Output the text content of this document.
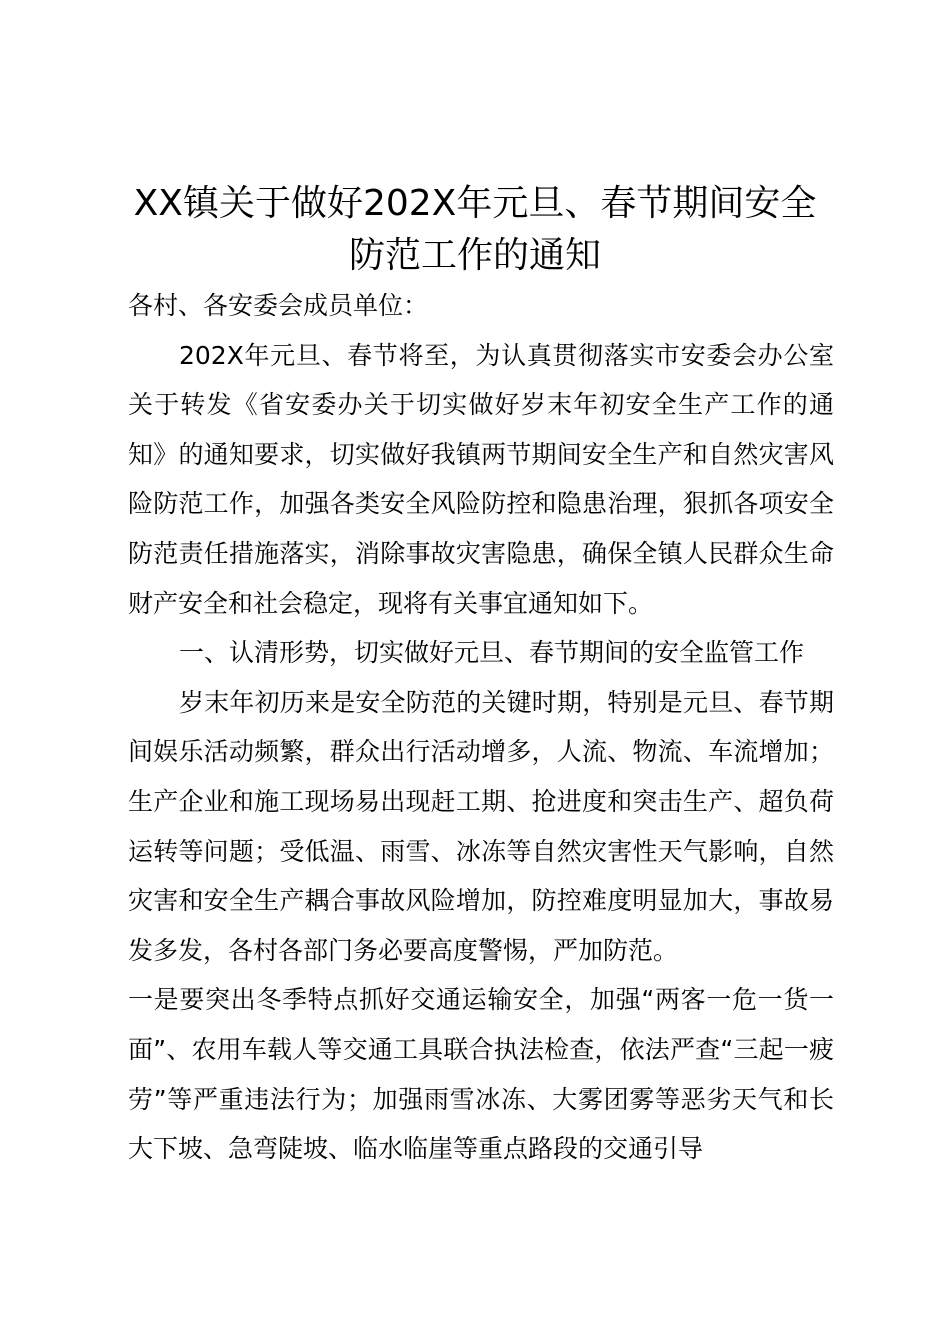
XX镇关于做好202X年元旦、春节期间安全
防范工作的通知

各村、各安委会成员单位：

202X年元旦、春节将至，为认真贯彻落实市安委会办公室关于转发《省安委办关于切实做好岁末年初安全生产工作的通知》的通知要求，切实做好我镇两节期间安全生产和自然灾害风险防范工作，加强各类安全风险防控和隐患治理，狠抓各项安全防范责任措施落实，消除事故灾害隐患，确保全镇人民群众生命财产安全和社会稳定，现将有关事宜通知如下。

一、认清形势，切实做好元旦、春节期间的安全监管工作

岁末年初历来是安全防范的关键时期，特别是元旦、春节期间娱乐活动频繁，群众出行活动增多，人流、物流、车流增加；生产企业和施工现场易出现赶工期、抢进度和突击生产、超负荷运转等问题；受低温、雨雪、冰冻等自然灾害性天气影响，自然灾害和安全生产耦合事故风险增加，防控难度明显加大，事故易发多发，各村各部门务必要高度警惕，严加防范。

一是要突出冬季特点抓好交通运输安全，加强“两客一危一货一面”、农用车载人等交通工具联合执法检查，依法严查“三起一疲劳”等严重违法行为；加强雨雪冰冻、大雾团雾等恶劣天气和长大下坡、急弯陡坡、临水临崖等重点路段的交通引导
